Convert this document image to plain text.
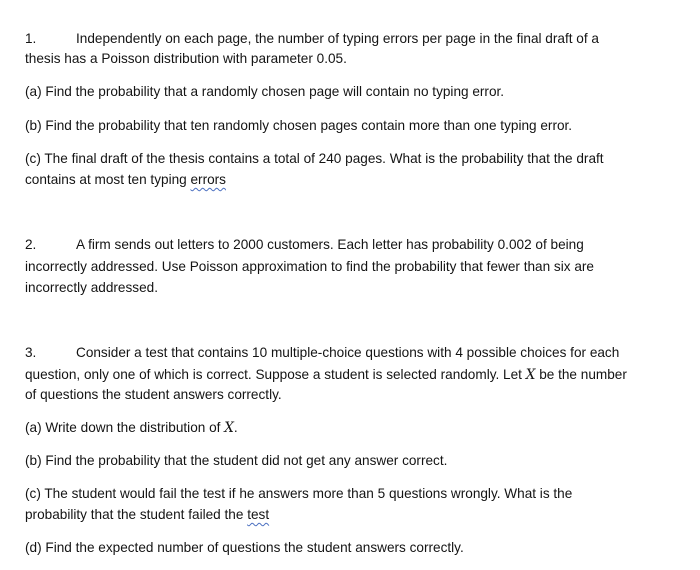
1.	Independently on each page, the number of typing errors per page in the final draft of a
thesis has a Poisson distribution with parameter 0.05.
(a) Find the probability that a randomly chosen page will contain no typing error.
(b) Find the probability that ten randomly chosen pages contain more than one typing error.
(c) The final draft of the thesis contains a total of 240 pages. What is the probability that the draft
contains at most ten typing errors
2.	A firm sends out letters to 2000 customers. Each letter has probability 0.002 of being
incorrectly addressed. Use Poisson approximation to find the probability that fewer than six are
incorrectly addressed.
3.	Consider a test that contains 10 multiple-choice questions with 4 possible choices for each
question, only one of which is correct. Suppose a student is selected randomly. Let X be the number
of questions the student answers correctly.
(a) Write down the distribution of X.
(b) Find the probability that the student did not get any answer correct.
(c) The student would fail the test if he answers more than 5 questions wrongly. What is the
probability that the student failed the test
(d) Find the expected number of questions the student answers correctly.
